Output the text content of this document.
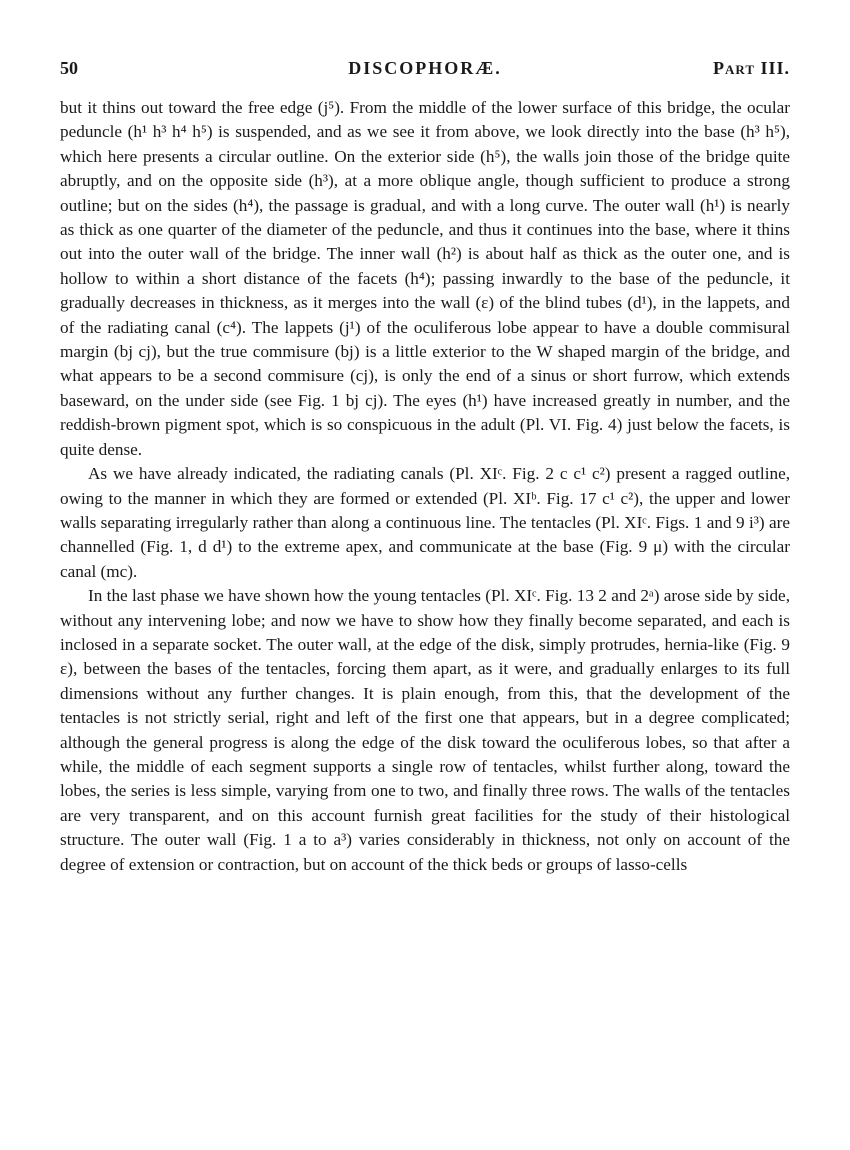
50	DISCOPHORÆ.	Part III.

but it thins out toward the free edge (j⁵). From the middle of the lower surface of this bridge, the ocular peduncle (h¹ h³ h⁴ h⁵) is suspended, and as we see it from above, we look directly into the base (h³ h⁵), which here presents a circular outline. On the exterior side (h⁵), the walls join those of the bridge quite abruptly, and on the opposite side (h³), at a more oblique angle, though sufficient to produce a strong outline; but on the sides (h⁴), the passage is gradual, and with a long curve. The outer wall (h¹) is nearly as thick as one quarter of the diameter of the peduncle, and thus it continues into the base, where it thins out into the outer wall of the bridge. The inner wall (h²) is about half as thick as the outer one, and is hollow to within a short distance of the facets (h⁴); passing inwardly to the base of the peduncle, it gradually decreases in thickness, as it merges into the wall (ε) of the blind tubes (d¹), in the lappets, and of the radiating canal (c⁴). The lappets (j¹) of the oculiferous lobe appear to have a double commisural margin (bj cj), but the true commisure (bj) is a little exterior to the W shaped margin of the bridge, and what appears to be a second commisure (cj), is only the end of a sinus or short furrow, which extends baseward, on the under side (see Fig. 1 bj cj). The eyes (h¹) have increased greatly in number, and the reddish-brown pigment spot, which is so conspicuous in the adult (Pl. VI. Fig. 4) just below the facets, is quite dense.

As we have already indicated, the radiating canals (Pl. XIᶜ. Fig. 2 c c¹ c²) present a ragged outline, owing to the manner in which they are formed or extended (Pl. XIᵇ. Fig. 17 c¹ c²), the upper and lower walls separating irregularly rather than along a continuous line. The tentacles (Pl. XIᶜ. Figs. 1 and 9 i³) are channelled (Fig. 1, d d¹) to the extreme apex, and communicate at the base (Fig. 9 μ) with the circular canal (mc).

In the last phase we have shown how the young tentacles (Pl. XIᶜ. Fig. 13 2 and 2ᵃ) arose side by side, without any intervening lobe; and now we have to show how they finally become separated, and each is inclosed in a separate socket. The outer wall, at the edge of the disk, simply protrudes, hernia-like (Fig. 9 ε), between the bases of the tentacles, forcing them apart, as it were, and gradually enlarges to its full dimensions without any further changes. It is plain enough, from this, that the development of the tentacles is not strictly serial, right and left of the first one that appears, but in a degree complicated; although the general progress is along the edge of the disk toward the oculiferous lobes, so that after a while, the middle of each segment supports a single row of tentacles, whilst further along, toward the lobes, the series is less simple, varying from one to two, and finally three rows. The walls of the tentacles are very transparent, and on this account furnish great facilities for the study of their histological structure. The outer wall (Fig. 1 a to a³) varies considerably in thickness, not only on account of the degree of extension or contraction, but on account of the thick beds or groups of lasso-cells
